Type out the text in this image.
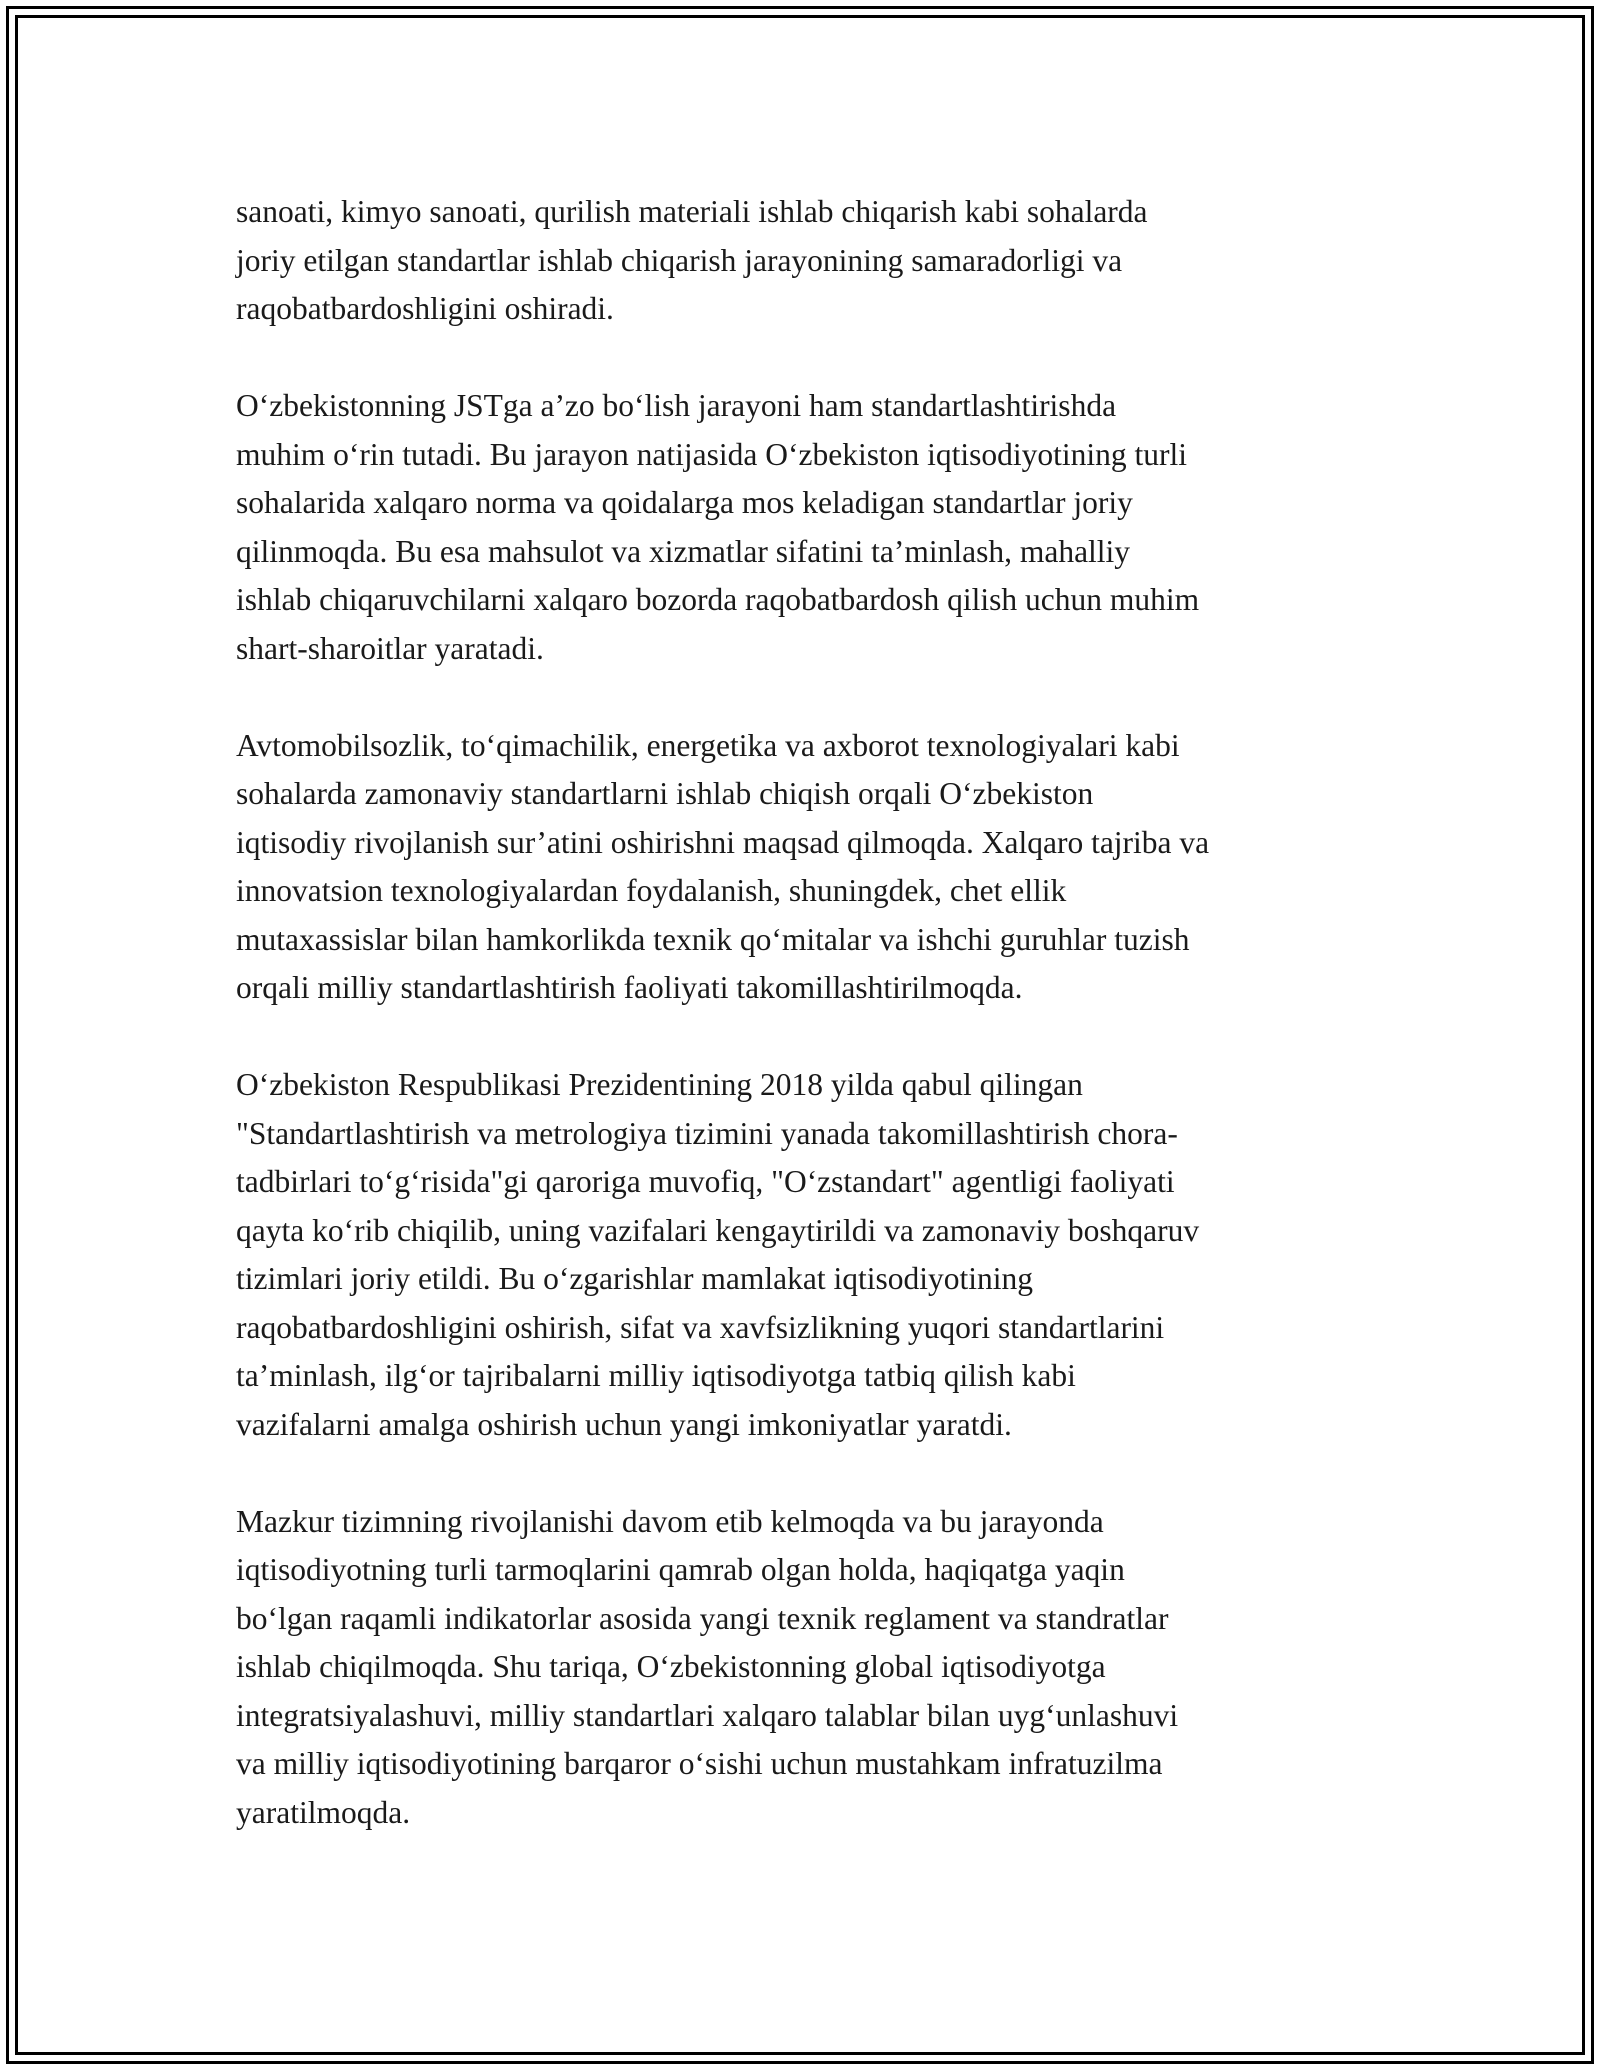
sanoati, kimyo sanoati, qurilish materiali ishlab chiqarish kabi sohalarda
joriy etilgan standartlar ishlab chiqarish jarayonining samaradorligi va
raqobatbardoshligini oshiradi.

O‘zbekistonning JSTga a’zo bo‘lish jarayoni ham standartlashtirishda
muhim o‘rin tutadi. Bu jarayon natijasida O‘zbekiston iqtisodiyotining turli
sohalarida xalqaro norma va qoidalarga mos keladigan standartlar joriy
qilinmoqda. Bu esa mahsulot va xizmatlar sifatini ta’minlash, mahalliy
ishlab chiqaruvchilarni xalqaro bozorda raqobatbardosh qilish uchun muhim
shart-sharoitlar yaratadi.

Avtomobilsozlik, to‘qimachilik, energetika va axborot texnologiyalari kabi
sohalarda zamonaviy standartlarni ishlab chiqish orqali O‘zbekiston
iqtisodiy rivojlanish sur’atini oshirishni maqsad qilmoqda. Xalqaro tajriba va
innovatsion texnologiyalardan foydalanish, shuningdek, chet ellik
mutaxassislar bilan hamkorlikda texnik qo‘mitalar va ishchi guruhlar tuzish
orqali milliy standartlashtirish faoliyati takomillashtirilmoqda.

O‘zbekiston Respublikasi Prezidentining 2018 yilda qabul qilingan
"Standartlashtirish va metrologiya tizimini yanada takomillashtirish chora-
tadbirlari to‘g‘risida"gi qaroriga muvofiq, "O‘zstandart" agentligi faoliyati
qayta ko‘rib chiqilib, uning vazifalari kengaytirildi va zamonaviy boshqaruv
tizimlari joriy etildi. Bu o‘zgarishlar mamlakat iqtisodiyotining
raqobatbardoshligini oshirish, sifat va xavfsizlikning yuqori standartlarini
ta’minlash, ilg‘or tajribalarni milliy iqtisodiyotga tatbiq qilish kabi
vazifalarni amalga oshirish uchun yangi imkoniyatlar yaratdi.

Mazkur tizimning rivojlanishi davom etib kelmoqda va bu jarayonda
iqtisodiyotning turli tarmoqlarini qamrab olgan holda, haqiqatga yaqin
bo‘lgan raqamli indikatorlar asosida yangi texnik reglament va standratlar
ishlab chiqilmoqda. Shu tariqa, O‘zbekistonning global iqtisodiyotga
integratsiyalashuvi, milliy standartlari xalqaro talablar bilan uyg‘unlashuvi
va milliy iqtisodiyotining barqaror o‘sishi uchun mustahkam infratuzilma
yaratilmoqda.
